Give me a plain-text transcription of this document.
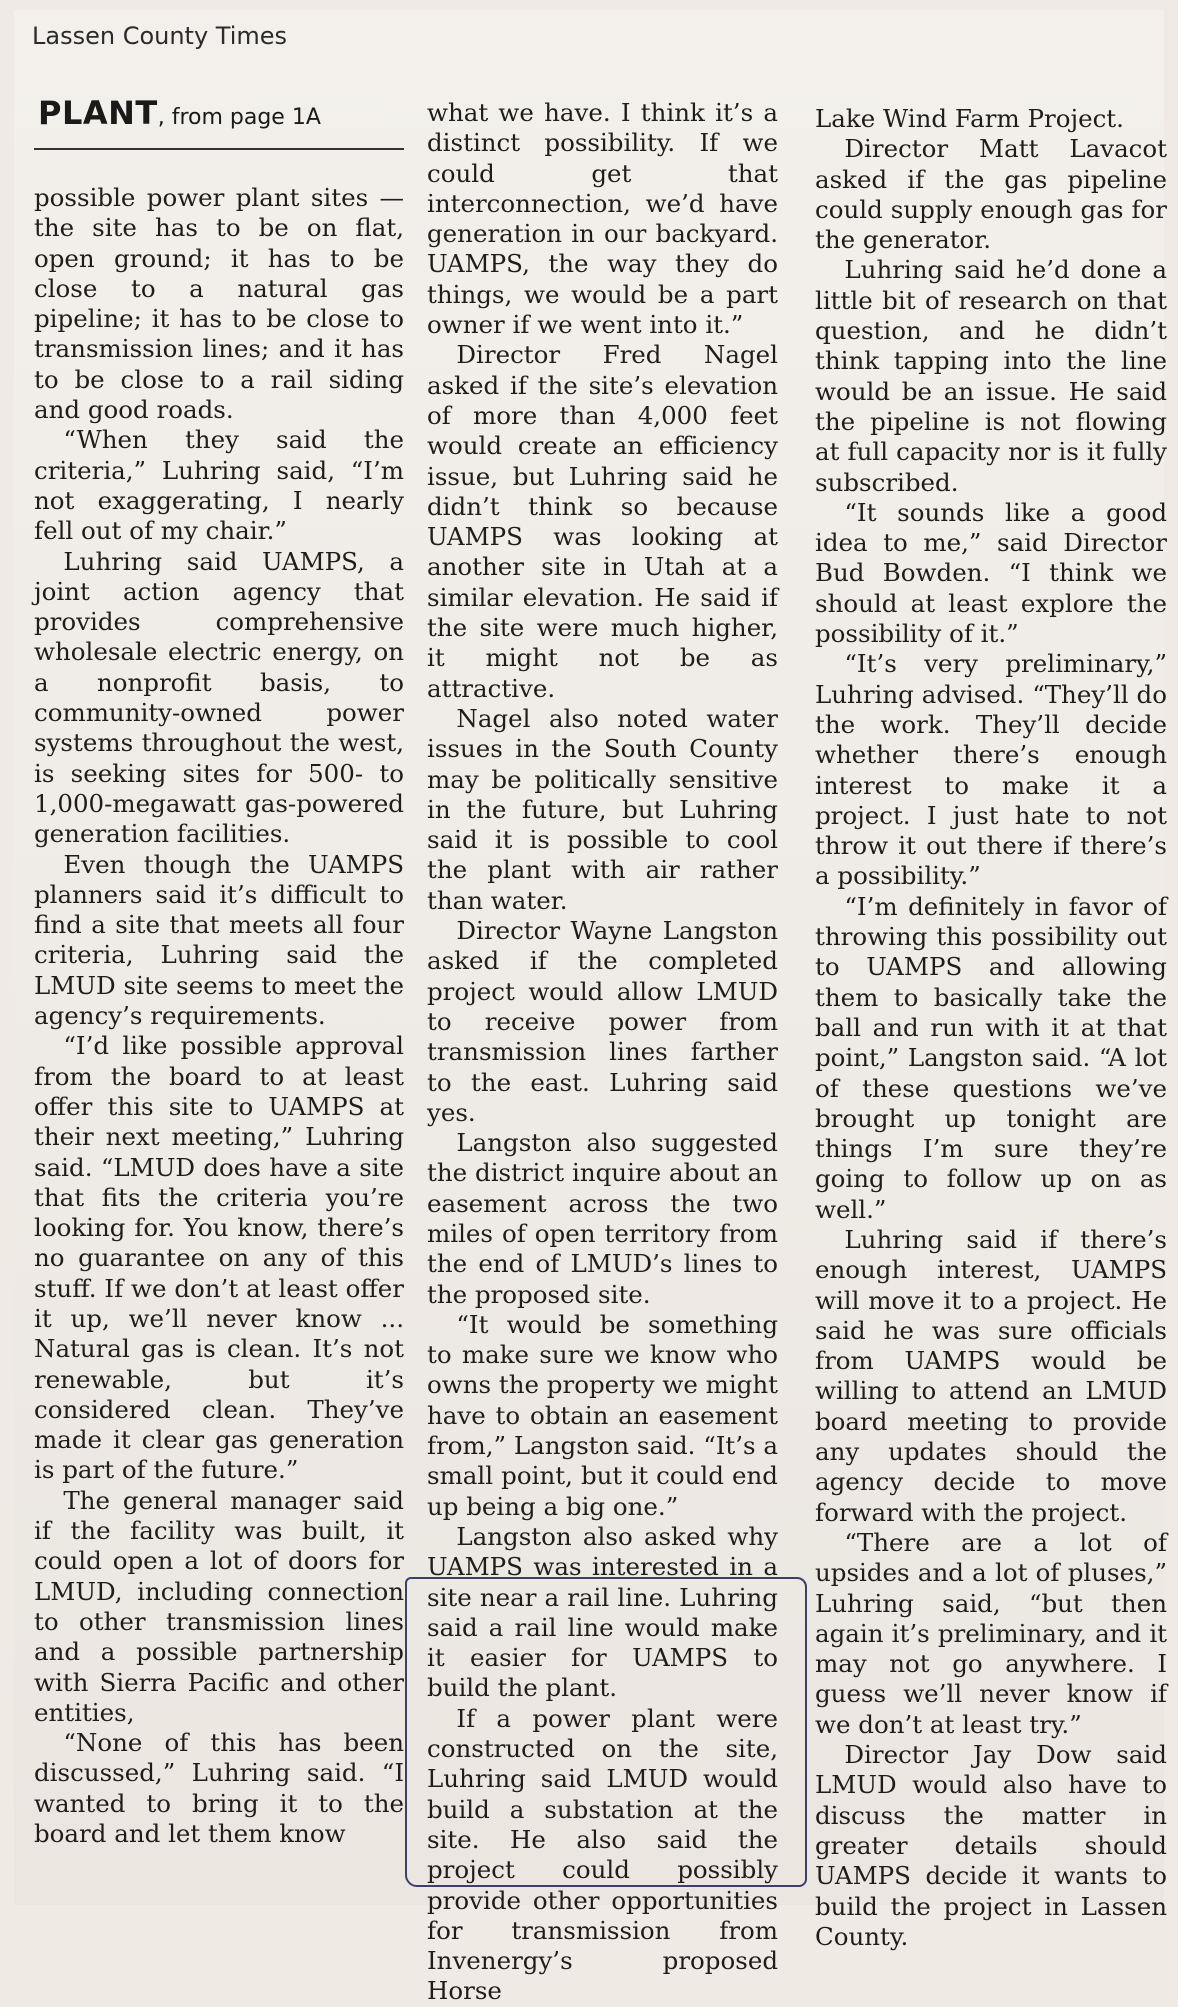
Lassen County Times
PLANT, from page 1A

possible power plant sites — the site has to be on flat, open ground; it has to be close to a natural gas pipeline; it has to be close to transmission lines; and it has to be close to a rail siding and good roads.

“When they said the criteria,” Luhring said, “I’m not exaggerating, I nearly fell out of my chair.”

Luhring said UAMPS, a joint action agency that provides comprehensive wholesale electric energy, on a nonprofit basis, to community-owned power systems throughout the west, is seeking sites for 500- to 1,000-megawatt gas-powered generation facilities.

Even though the UAMPS planners said it’s difficult to find a site that meets all four criteria, Luhring said the LMUD site seems to meet the agency’s requirements.

“I’d like possible approval from the board to at least offer this site to UAMPS at their next meeting,” Luhring said. “LMUD does have a site that fits the criteria you’re looking for. You know, there’s no guarantee on any of this stuff. If we don’t at least offer it up, we’ll never know ... Natural gas is clean. It’s not renewable, but it’s considered clean. They’ve made it clear gas generation is part of the future.”

The general manager said if the facility was built, it could open a lot of doors for LMUD, including connection to other transmission lines and a possible partnership with Sierra Pacific and other entities,

“None of this has been discussed,” Luhring said. “I wanted to bring it to the board and let them know

what we have. I think it’s a distinct possibility. If we could get that interconnection, we’d have generation in our backyard. UAMPS, the way they do things, we would be a part owner if we went into it.”

Director Fred Nagel asked if the site’s elevation of more than 4,000 feet would create an efficiency issue, but Luhring said he didn’t think so because UAMPS was looking at another site in Utah at a similar elevation. He said if the site were much higher, it might not be as attractive.

Nagel also noted water issues in the South County may be politically sensitive in the future, but Luhring said it is possible to cool the plant with air rather than water.

Director Wayne Langston asked if the completed project would allow LMUD to receive power from transmission lines farther to the east. Luhring said yes.

Langston also suggested the district inquire about an easement across the two miles of open territory from the end of LMUD’s lines to the proposed site.

“It would be something to make sure we know who owns the property we might have to obtain an easement from,” Langston said. “It’s a small point, but it could end up being a big one.”

Langston also asked why UAMPS was interested in a site near a rail line. Luhring said a rail line would make it easier for UAMPS to build the plant.

If a power plant were constructed on the site, Luhring said LMUD would build a substation at the site. He also said the project could possibly provide other opportunities for transmission from Invenergy’s proposed Horse

Lake Wind Farm Project.

Director Matt Lavacot asked if the gas pipeline could supply enough gas for the generator.

Luhring said he’d done a little bit of research on that question, and he didn’t think tapping into the line would be an issue. He said the pipeline is not flowing at full capacity nor is it fully subscribed.

“It sounds like a good idea to me,” said Director Bud Bowden. “I think we should at least explore the possibility of it.”

“It’s very preliminary,” Luhring advised. “They’ll do the work. They’ll decide whether there’s enough interest to make it a project. I just hate to not throw it out there if there’s a possibility.”

“I’m definitely in favor of throwing this possibility out to UAMPS and allowing them to basically take the ball and run with it at that point,” Langston said. “A lot of these questions we’ve brought up tonight are things I’m sure they’re going to follow up on as well.”

Luhring said if there’s enough interest, UAMPS will move it to a project. He said he was sure officials from UAMPS would be willing to attend an LMUD board meeting to provide any updates should the agency decide to move forward with the project.

“There are a lot of upsides and a lot of pluses,” Luhring said, “but then again it’s preliminary, and it may not go anywhere. I guess we’ll never know if we don’t at least try.”

Director Jay Dow said LMUD would also have to discuss the matter in greater details should UAMPS decide it wants to build the project in Lassen County.
